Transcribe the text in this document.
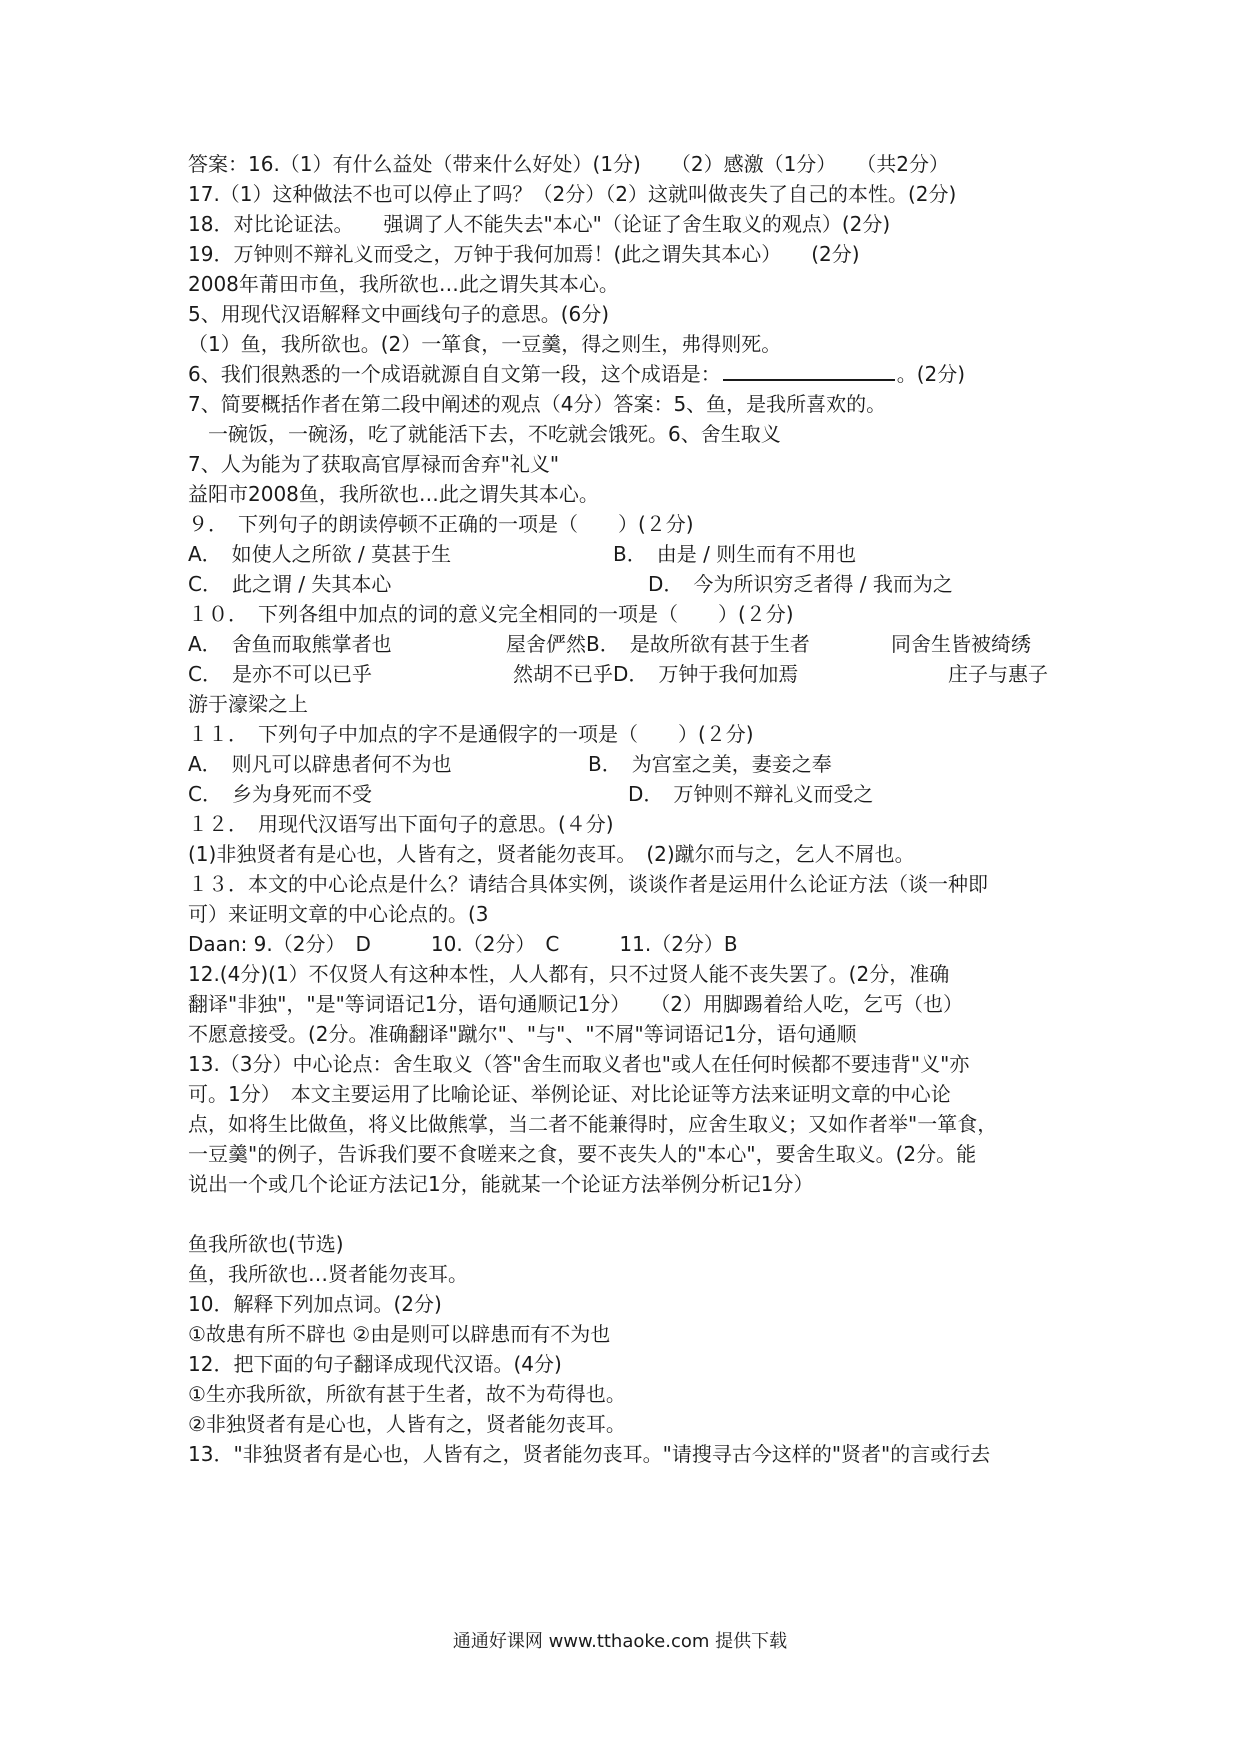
答案：16.（1）有什么益处（带来什么好处）(1分)　　（2）感激（1分）　　（共2分）
17.（1）这种做法不也可以停止了吗？（2分）（2）这就叫做丧失了自己的本性。(2分)
18．对比论证法。　　强调了人不能失去"本心"（论证了舍生取义的观点）(2分)
19．万钟则不辩礼义而受之，万钟于我何加焉！(此之谓失其本心）　　(2分)
2008年莆田市鱼，我所欲也…此之谓失其本心。
5、用现代汉语解释文中画线句子的意思。(6分)
（1）鱼，我所欲也。(2）一箪食，一豆羹，得之则生，弗得则死。
6、我们很熟悉的一个成语就源自自文第一段，这个成语是：	。(2分)
7、简要概括作者在第二段中阐述的观点（4分）答案：5、鱼，是我所喜欢的。
　一碗饭，一碗汤，吃了就能活下去，不吃就会饿死。6、舍生取义
7、人为能为了获取高官厚禄而舍弃"礼义"
益阳市2008鱼，我所欲也…此之谓失其本心。
９．　下列句子的朗读停顿不正确的一项是（　　）(２分)
A．　如使人之所欲 / 莫甚于生	B．　由是 / 则生而有不用也
C．　此之谓 / 失其本心	D．　今为所识穷乏者得 / 我而为之
１０．　下列各组中加点的词的意义完全相同的一项是（　　）(２分)
A．　舍鱼而取熊掌者也	屋舍俨然B．　是故所欲有甚于生者	同舍生皆被绮绣
C．　是亦不可以已乎	然胡不已乎D．　万钟于我何加焉	庄子与惠子
游于濠梁之上
１１．　下列句子中加点的字不是通假字的一项是（　　）(２分)
A．　则凡可以辟患者何不为也	B．　为宫室之美，妻妾之奉
C．　乡为身死而不受	D．　万钟则不辩礼义而受之
１２．　用现代汉语写出下面句子的意思。(４分)
(1)非独贤者有是心也，人皆有之，贤者能勿丧耳。　(2)蹴尔而与之，乞人不屑也。
１３．本文的中心论点是什么？请结合具体实例，谈谈作者是运用什么论证方法（谈一种即
可）来证明文章的中心论点的。(3
Daan: 9.（2分）　D　　　10.（2分）　C　　　11.（2分）B
12.(4分)(1）不仅贤人有这种本性，人人都有，只不过贤人能不丧失罢了。(2分，准确
翻译"非独"，"是"等词语记1分，语句通顺记1分）　　（2）用脚踢着给人吃，乞丐（也）
不愿意接受。(2分。准确翻译"蹴尔"、"与"、"不屑"等词语记1分，语句通顺
13.（3分）中心论点：舍生取义（答"舍生而取义者也"或人在任何时候都不要违背"义"亦
可。1分）　本文主要运用了比喻论证、举例论证、对比论证等方法来证明文章的中心论
点，如将生比做鱼，将义比做熊掌，当二者不能兼得时，应舍生取义；又如作者举"一箪食，
一豆羹"的例子，告诉我们要不食嗟来之食，要不丧失人的"本心"，要舍生取义。(2分。能
说出一个或几个论证方法记1分，能就某一个论证方法举例分析记1分）
鱼我所欲也(节选)
鱼，我所欲也…贤者能勿丧耳。
10．解释下列加点词。(2分)
①故患有所不辟也 ②由是则可以辟患而有不为也
12．把下面的句子翻译成现代汉语。(4分)
①生亦我所欲，所欲有甚于生者，故不为苟得也。
②非独贤者有是心也，人皆有之，贤者能勿丧耳。
13．"非独贤者有是心也，人皆有之，贤者能勿丧耳。"请搜寻古今这样的"贤者"的言或行去
通通好课网 www.tthaoke.com 提供下载
